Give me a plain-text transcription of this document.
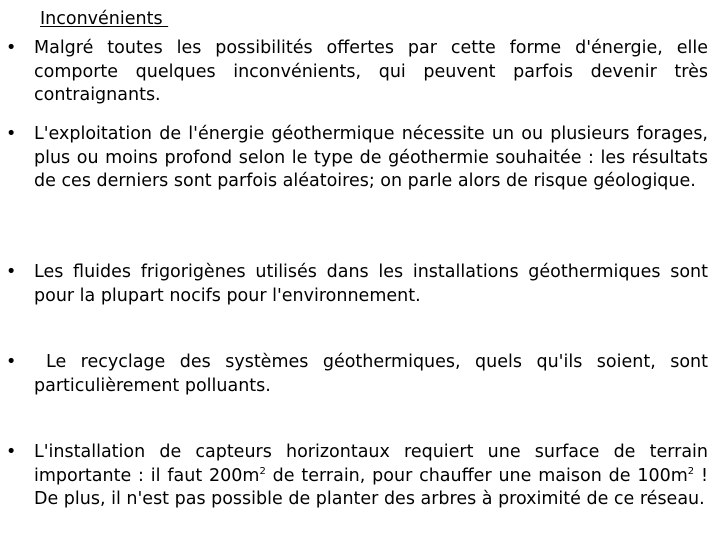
Inconvénients
• Malgré toutes les possibilités offertes par cette forme d'énergie, elle comporte quelques inconvénients, qui peuvent parfois devenir très contraignants.
• L'exploitation de l'énergie géothermique nécessite un ou plusieurs forages, plus ou moins profond selon le type de géothermie souhaitée : les résultats de ces derniers sont parfois aléatoires; on parle alors de risque géologique.
• Les fluides frigorigènes utilisés dans les installations géothermiques sont pour la plupart nocifs pour l'environnement.
•	Le recyclage des systèmes géothermiques, quels qu'ils soient, sont particulièrement polluants.
• L'installation de capteurs horizontaux requiert une surface de terrain importante : il faut $200m^2$ de terrain, pour chauffer une maison de $100m^2$ ! De plus, il n'est pas possible de planter des arbres à proximité de ce réseau.
